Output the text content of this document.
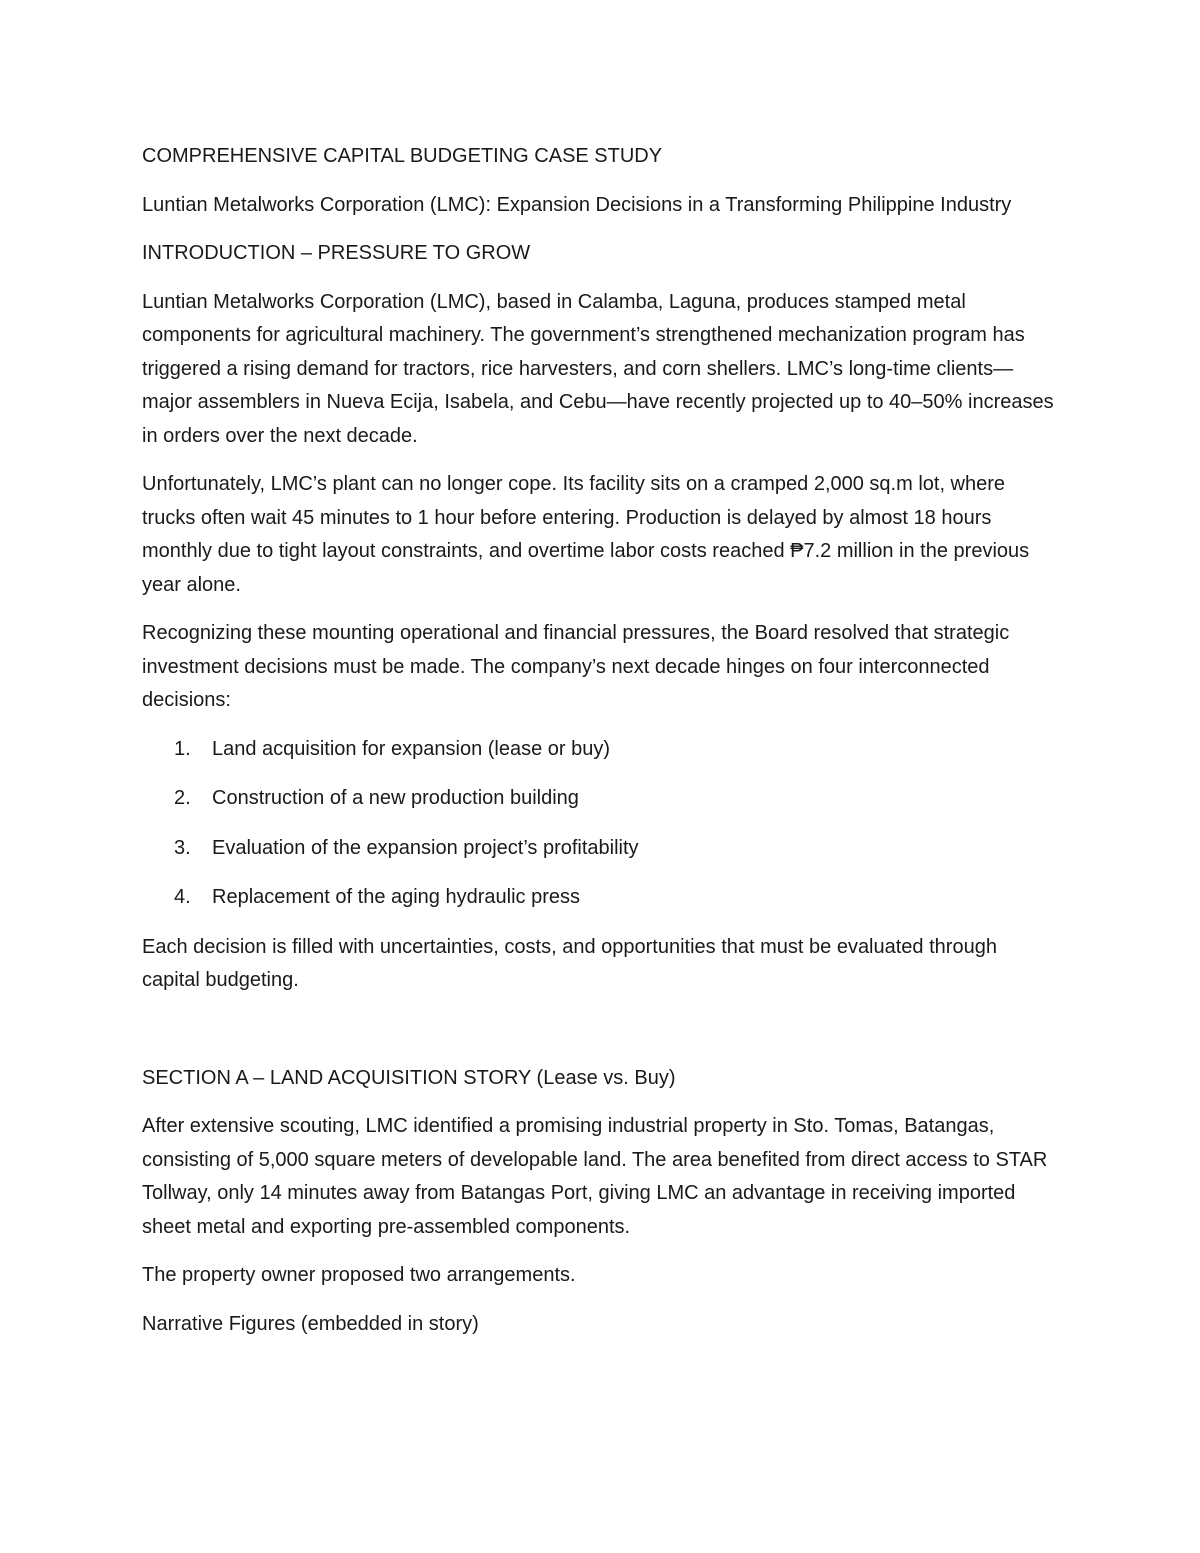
COMPREHENSIVE CAPITAL BUDGETING CASE STUDY

Luntian Metalworks Corporation (LMC): Expansion Decisions in a Transforming Philippine Industry

INTRODUCTION – PRESSURE TO GROW

Luntian Metalworks Corporation (LMC), based in Calamba, Laguna, produces stamped metal components for agricultural machinery. The government’s strengthened mechanization program has triggered a rising demand for tractors, rice harvesters, and corn shellers. LMC’s long-time clients—major assemblers in Nueva Ecija, Isabela, and Cebu—have recently projected up to 40–50% increases in orders over the next decade.

Unfortunately, LMC’s plant can no longer cope. Its facility sits on a cramped 2,000 sq.m lot, where trucks often wait 45 minutes to 1 hour before entering. Production is delayed by almost 18 hours monthly due to tight layout constraints, and overtime labor costs reached ₱7.2 million in the previous year alone.

Recognizing these mounting operational and financial pressures, the Board resolved that strategic investment decisions must be made. The company’s next decade hinges on four interconnected decisions:

1. Land acquisition for expansion (lease or buy)
2. Construction of a new production building
3. Evaluation of the expansion project’s profitability
4. Replacement of the aging hydraulic press

Each decision is filled with uncertainties, costs, and opportunities that must be evaluated through capital budgeting.

SECTION A – LAND ACQUISITION STORY (Lease vs. Buy)

After extensive scouting, LMC identified a promising industrial property in Sto. Tomas, Batangas, consisting of 5,000 square meters of developable land. The area benefited from direct access to STAR Tollway, only 14 minutes away from Batangas Port, giving LMC an advantage in receiving imported sheet metal and exporting pre-assembled components.

The property owner proposed two arrangements.

Narrative Figures (embedded in story)
